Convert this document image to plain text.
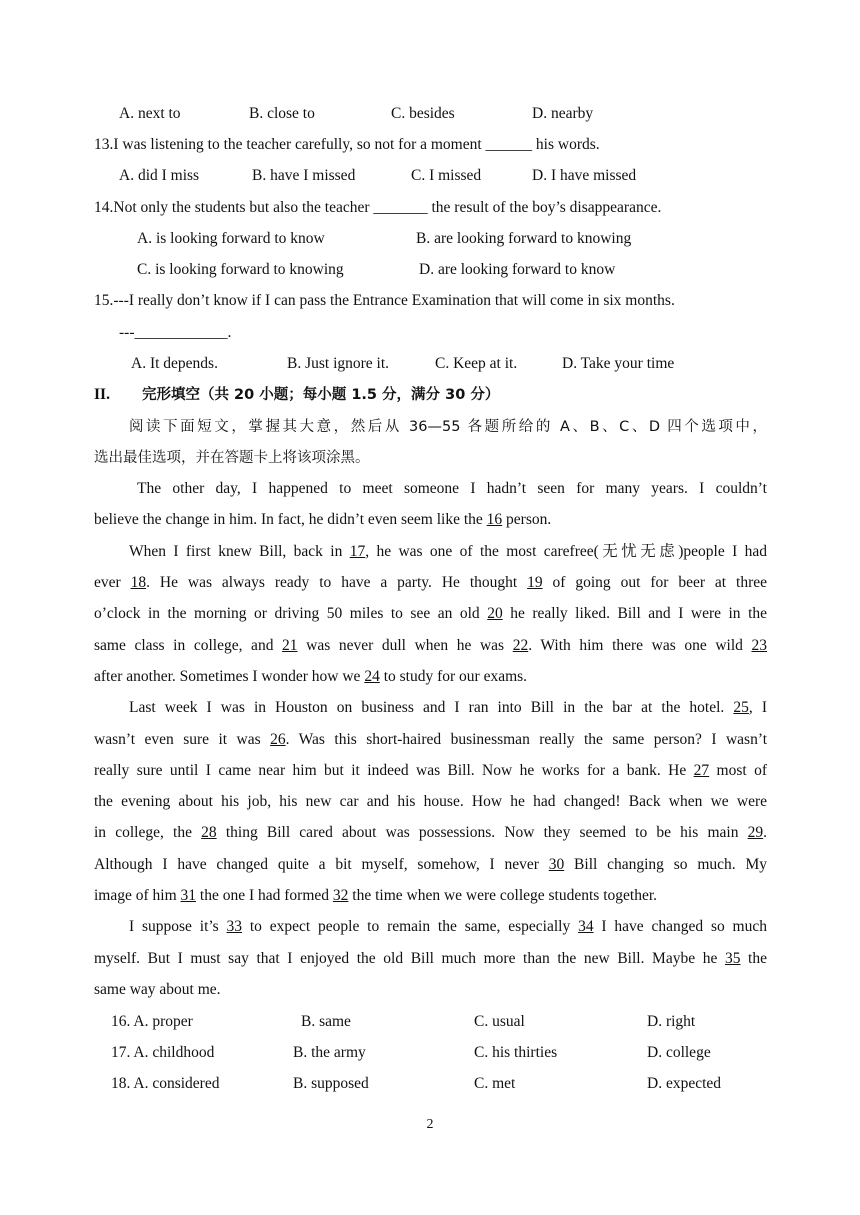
A. next to	B. close to	C. besides	D. nearby
13.I was listening to the teacher carefully, so not for a moment ______ his words.
A. did I miss	B. have I missed	C. I missed	D. I have missed
14.Not only the students but also the teacher _______ the result of the boy’s disappearance.
A. is looking forward to know	B. are looking forward to knowing
C. is looking forward to knowing	D. are looking forward to know
15.---I really don’t know if I can pass the Entrance Examination that will come in six months.
---____________.
A. It depends.	B. Just ignore it.	C. Keep at it.	D. Take your time
II. 完形填空（共 20 小题；每小题 1.5 分，满分 30 分）
阅读下面短文，掌握其大意，然后从 36—55 各题所给的 A、B、C、D 四个选项中，
选出最佳选项，并在答题卡上将该项涂黑。
The other day, I happened to meet someone I hadn’t seen for many years. I couldn’t
believe the change in him. In fact, he didn’t even seem like the 16 person.
When I first knew Bill, back in 17, he was one of the most carefree(无忧无虑)people I had
ever 18. He was always ready to have a party. He thought 19 of going out for beer at three
o’clock in the morning or driving 50 miles to see an old 20 he really liked. Bill and I were in the
same class in college, and 21 was never dull when he was 22. With him there was one wild 23
after another. Sometimes I wonder how we 24 to study for our exams.
Last week I was in Houston on business and I ran into Bill in the bar at the hotel. 25, I
wasn’t even sure it was 26. Was this short-haired businessman really the same person? I wasn’t
really sure until I came near him but it indeed was Bill. Now he works for a bank. He 27 most of
the evening about his job, his new car and his house. How he had changed! Back when we were
in college, the 28 thing Bill cared about was possessions. Now they seemed to be his main 29.
Although I have changed quite a bit myself, somehow, I never 30 Bill changing so much. My
image of him 31 the one I had formed 32 the time when we were college students together.
I suppose it’s 33 to expect people to remain the same, especially 34 I have changed so much
myself. But I must say that I enjoyed the old Bill much more than the new Bill. Maybe he 35 the
same way about me.
16. A. proper	B. same	C. usual	D. right
17. A. childhood	B. the army	C. his thirties	D. college
18. A. considered	B. supposed	C. met	D. expected
2
